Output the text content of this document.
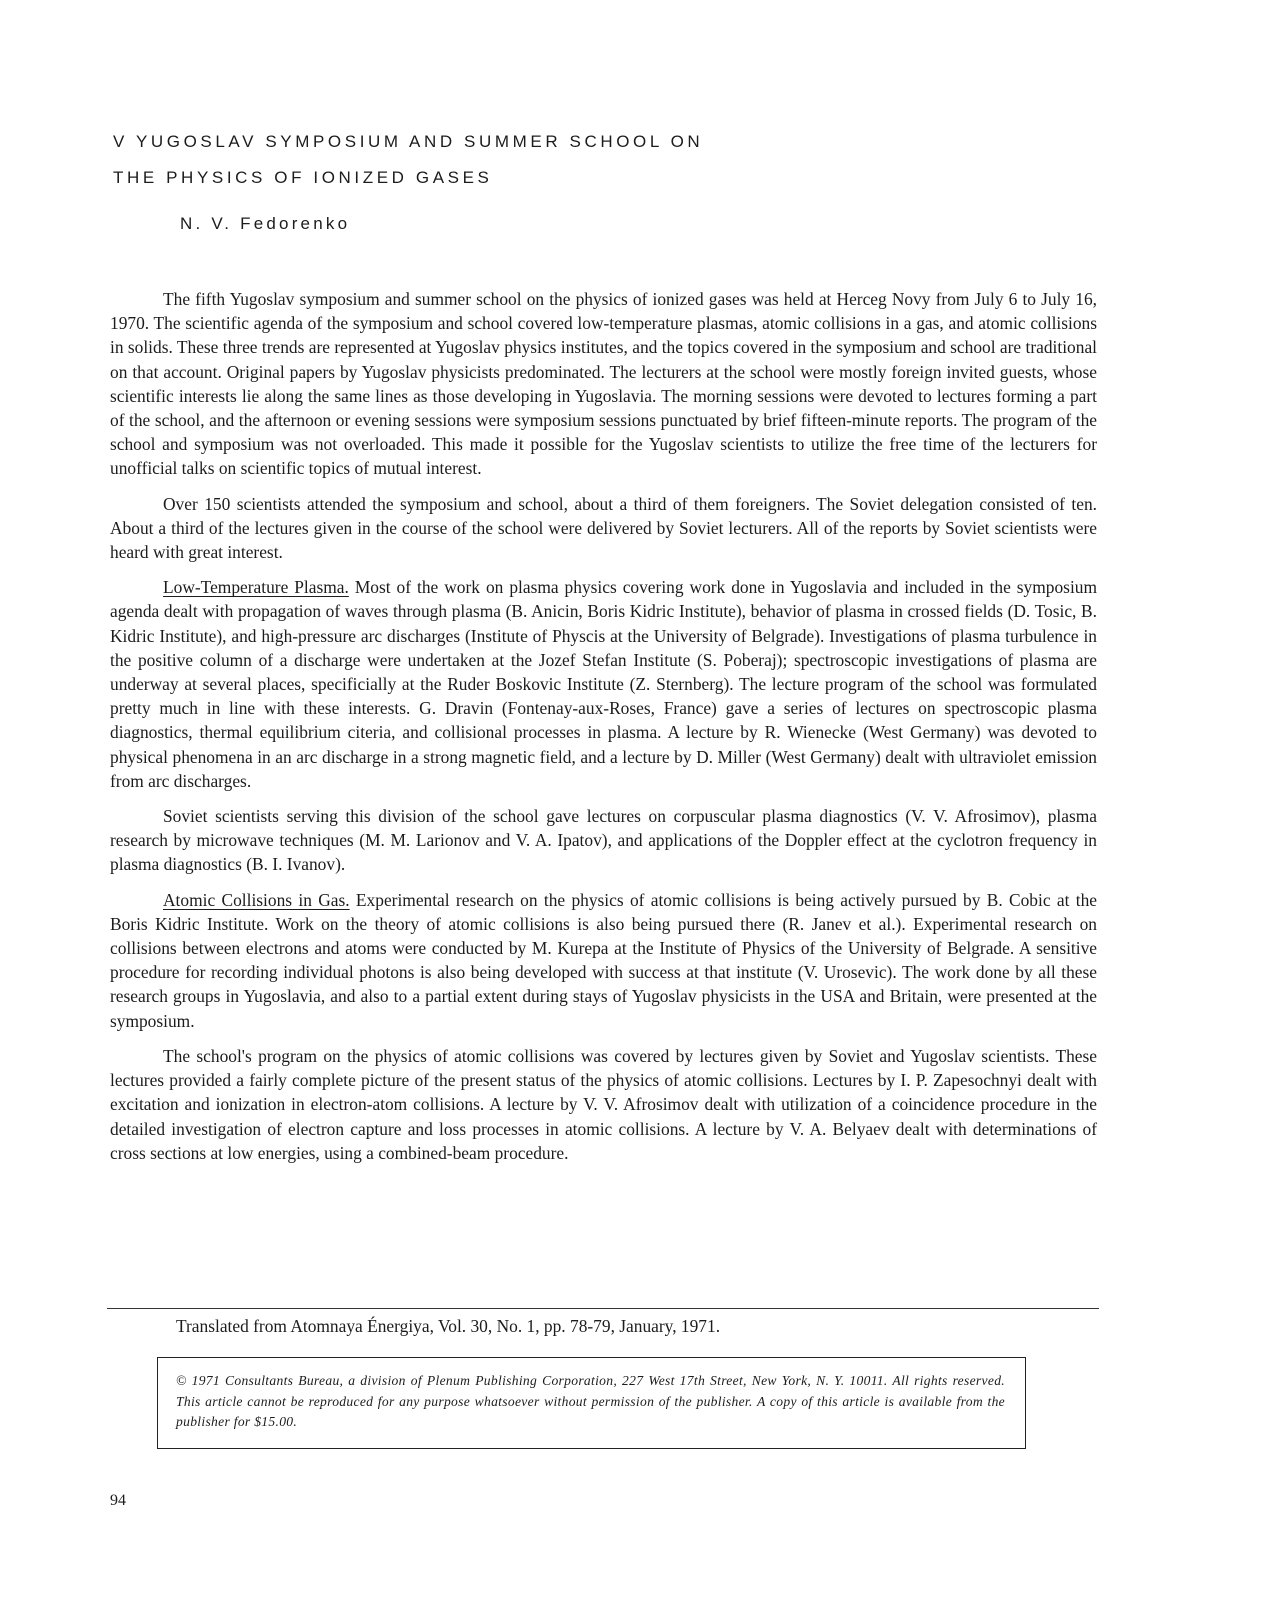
V YUGOSLAV SYMPOSIUM AND SUMMER SCHOOL ON
THE PHYSICS OF IONIZED GASES
N. V. Fedorenko

The fifth Yugoslav symposium and summer school on the physics of ionized gases was held at Herceg Novy from July 6 to July 16, 1970. The scientific agenda of the symposium and school covered low-temperature plasmas, atomic collisions in a gas, and atomic collisions in solids. These three trends are represented at Yugoslav physics institutes, and the topics covered in the symposium and school are traditional on that account. Original papers by Yugoslav physicists predominated. The lecturers at the school were mostly foreign invited guests, whose scientific interests lie along the same lines as those developing in Yugoslavia. The morning sessions were devoted to lectures forming a part of the school, and the afternoon or evening sessions were symposium sessions punctuated by brief fifteen-minute reports. The program of the school and symposium was not overloaded. This made it possible for the Yugoslav scientists to utilize the free time of the lecturers for unofficial talks on scientific topics of mutual interest.

Over 150 scientists attended the symposium and school, about a third of them foreigners. The Soviet delegation consisted of ten. About a third of the lectures given in the course of the school were delivered by Soviet lecturers. All of the reports by Soviet scientists were heard with great interest.

Low-Temperature Plasma. Most of the work on plasma physics covering work done in Yugoslavia and included in the symposium agenda dealt with propagation of waves through plasma (B. Anicin, Boris Kidric Institute), behavior of plasma in crossed fields (D. Tosic, B. Kidric Institute), and high-pressure arc discharges (Institute of Physcis at the University of Belgrade). Investigations of plasma turbulence in the positive column of a discharge were undertaken at the Jozef Stefan Institute (S. Poberaj); spectroscopic investigations of plasma are underway at several places, specificially at the Ruder Boskovic Institute (Z. Sternberg). The lecture program of the school was formulated pretty much in line with these interests. G. Dravin (Fontenay-aux-Roses, France) gave a series of lectures on spectroscopic plasma diagnostics, thermal equilibrium citeria, and collisional processes in plasma. A lecture by R. Wienecke (West Germany) was devoted to physical phenomena in an arc discharge in a strong magnetic field, and a lecture by D. Miller (West Germany) dealt with ultraviolet emission from arc discharges.

Soviet scientists serving this division of the school gave lectures on corpuscular plasma diagnostics (V. V. Afrosimov), plasma research by microwave techniques (M. M. Larionov and V. A. Ipatov), and applications of the Doppler effect at the cyclotron frequency in plasma diagnostics (B. I. Ivanov).

Atomic Collisions in Gas. Experimental research on the physics of atomic collisions is being actively pursued by B. Cobic at the Boris Kidric Institute. Work on the theory of atomic collisions is also being pursued there (R. Janev et al.). Experimental research on collisions between electrons and atoms were conducted by M. Kurepa at the Institute of Physics of the University of Belgrade. A sensitive procedure for recording individual photons is also being developed with success at that institute (V. Urosevic). The work done by all these research groups in Yugoslavia, and also to a partial extent during stays of Yugoslav physicists in the USA and Britain, were presented at the symposium.

The school's program on the physics of atomic collisions was covered by lectures given by Soviet and Yugoslav scientists. These lectures provided a fairly complete picture of the present status of the physics of atomic collisions. Lectures by I. P. Zapesochnyi dealt with excitation and ionization in electron-atom collisions. A lecture by V. V. Afrosimov dealt with utilization of a coincidence procedure in the detailed investigation of electron capture and loss processes in atomic collisions. A lecture by V. A. Belyaev dealt with determinations of cross sections at low energies, using a combined-beam procedure.

Translated from Atomnaya Énergiya, Vol. 30, No. 1, pp. 78-79, January, 1971.

© 1971 Consultants Bureau, a division of Plenum Publishing Corporation, 227 West 17th Street, New York, N. Y. 10011. All rights reserved. This article cannot be reproduced for any purpose whatsoever without permission of the publisher. A copy of this article is available from the publisher for $15.00.

94
